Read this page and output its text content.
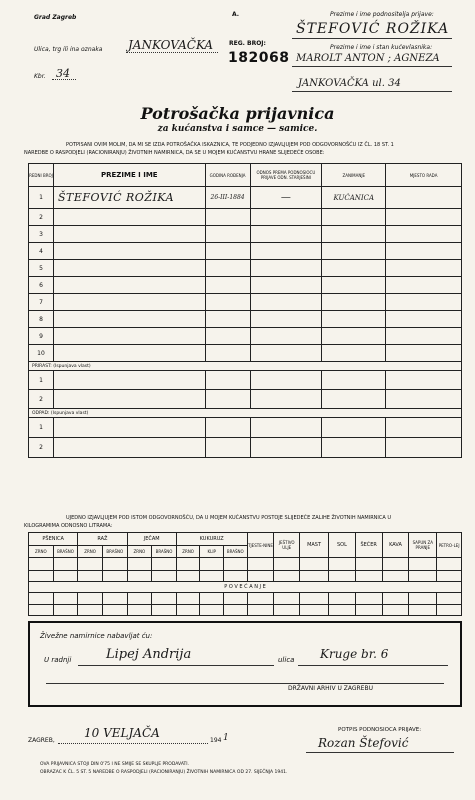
Grad Zagreb	A.
Ulica, trg ili ina oznaka JANKOVAČKA	REG. BROJ:
182068
Kbr. 34
Prezime i ime podnositelja prijave:
ŠTEFOVIĆ ROŽIKA
Prezime i ime i stan kućevlasnika:
MAROLT ANTON ; AGNEZA
JANKOVAČKA ul. 34
Potrošačka prijavnica
za kućanstva i samce — samice.
POTPISANI OVIM MOLIM, DA MI SE IZDA POTROŠAČKA ISKAZNICA, TE PODJEDNO IZJAVLJUJEM POD ODGOVORNOŠĆU IZ ČL. 18 ST. 1
NAREDBE O RASPODJELI (RACIONIRANJU) ŽIVOTNIH NAMIRNICA, DA SE U MOJEM KUĆANSTVU HRANE SLIJEDEĆE OSOBE:
REDNI BROJ	PREZIME I IME	GODINA ROĐENJA	ODNOS PREMA PODNOSIOCU PRIJAVE ODN. STARJEŠINI	ZANIMANJE	MJESTO RADA
1	ŠTEFOVIĆ ROŽIKA	26-III-1884	—	KUĆANICA	
2					
3					
4					
5					
6					
7					
8					
9					
10					
PRIRAST: (Ispunjava vlast)					
1					
2					
ODPAD: (Ispunjava vlast)					
1					
2					
UJEDNO IZJAVLJUJEM POD ISTOM ODGOVORNOŠĆU, DA U MOJEM KUĆANSTVU POSTOJE SLIJEDEĆE ZALIHE ŽIVOTNIH NAMIRNICA U
KILOGRAMIMA ODNOSNO LITRAMA:
PŠENICA		RAŽ		JEČAM		KUKURUZ			TJESTE-NINE	JEŠTIVO ULJE	MAST	SOL	ŠEĆER	KAVA	SAPUN ZA PRANJE	PETRO-LEJ
ZRNO	BRAŠNO	ZRNO	BRAŠNO	ZRNO	BRAŠNO	ZRNO	KLIP	BRAŠNO								

P O V E Ć A N J E																

Živežne namirnice nabavljat ću:
U radnji	Lipej Andrija	ulica Kruge br. 6
DRŽAVNI ARHIV U ZAGREBU
ZAGREB,
10 VELJAČA
194 1
POTPIS PODNOSIOCA PRIJAVE:
Rozan Štefović
OVA PRIJAVNICA STOJI DIN 0'75 I NE SMIJE SE SKUPLJE PRODAVATI.
OBRAZAC K ČL. 5 ST. 5 NAREDBE O RASPODJELI (RACIONIRANJU) ŽIVOTNIH NAMIRNICA OD 27. SIJEČNJA 1941.
